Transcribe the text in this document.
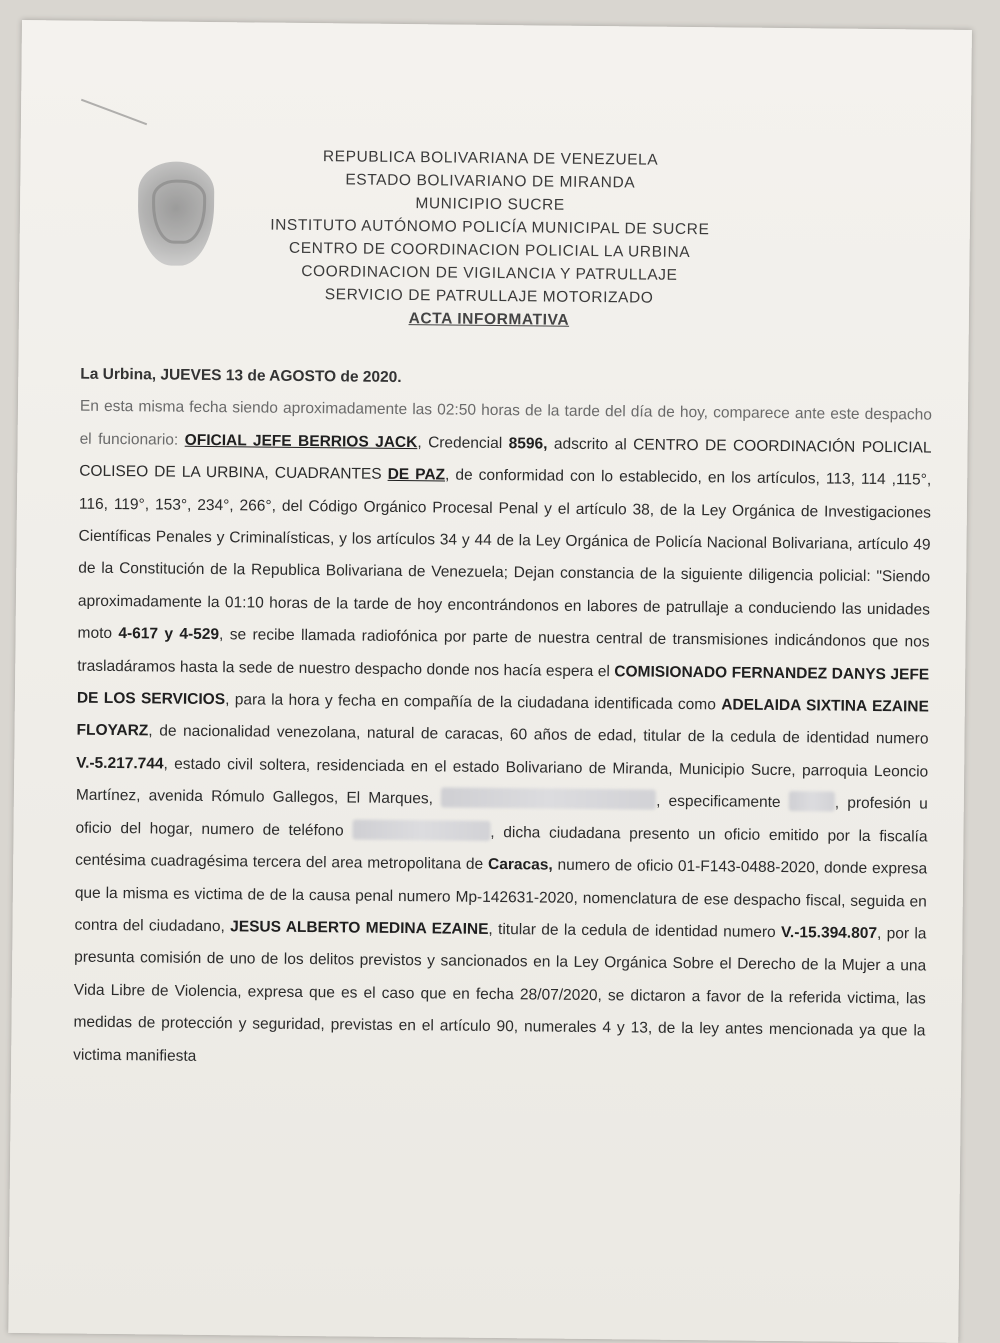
REPUBLICA BOLIVARIANA DE VENEZUELA
ESTADO BOLIVARIANO DE MIRANDA
MUNICIPIO SUCRE
INSTITUTO AUTÓNOMO POLICÍA MUNICIPAL DE SUCRE
CENTRO DE COORDINACION POLICIAL LA URBINA
COORDINACION DE VIGILANCIA Y PATRULLAJE
SERVICIO DE PATRULLAJE MOTORIZADO
ACTA INFORMATIVA
La Urbina, JUEVES 13 de AGOSTO de 2020.
En esta misma fecha siendo aproximadamente las 02:50 horas de la tarde del día de hoy, comparece ante este despacho el funcionario: OFICIAL JEFE BERRIOS JACK, Credencial 8596, adscrito al CENTRO DE COORDINACIÓN POLICIAL COLISEO DE LA URBINA, CUADRANTES DE PAZ, de conformidad con lo establecido, en los artículos, 113, 114 ,115°, 116, 119°, 153°, 234°, 266°, del Código Orgánico Procesal Penal y el artículo 38, de la Ley Orgánica de Investigaciones Científicas Penales y Criminalísticas, y los artículos 34 y 44 de la Ley Orgánica de Policía Nacional Bolivariana, artículo 49 de la Constitución de la Republica Bolivariana de Venezuela; Dejan constancia de la siguiente diligencia policial: "Siendo aproximadamente la 01:10 horas de la tarde de hoy encontrándonos en labores de patrullaje a conduciendo las unidades moto 4-617 y 4-529, se recibe llamada radiofónica por parte de nuestra central de transmisiones indicándonos que nos trasladáramos hasta la sede de nuestro despacho donde nos hacía espera el COMISIONADO FERNANDEZ DANYS JEFE DE LOS SERVICIOS, para la hora y fecha en compañía de la ciudadana identificada como ADELAIDA SIXTINA EZAINE FLOYARZ, de nacionalidad venezolana, natural de caracas, 60 años de edad, titular de la cedula de identidad numero V.-5.217.744, estado civil soltera, residenciada en el estado Bolivariano de Miranda, Municipio Sucre, parroquia Leoncio Martínez, avenida Rómulo Gallegos, El Marques,	, especificamente	, profesión u oficio del hogar, numero de teléfono	, dicha ciudadana presento un oficio emitido por la fiscalía centésima cuadragésima tercera del area metropolitana de Caracas, numero de oficio 01-F143-0488-2020, donde expresa que la misma es victima de de la causa penal numero Mp-142631-2020, nomenclatura de ese despacho fiscal, seguida en contra del ciudadano, JESUS ALBERTO MEDINA EZAINE, titular de la cedula de identidad numero V.-15.394.807, por la presunta comisión de uno de los delitos previstos y sancionados en la Ley Orgánica Sobre el Derecho de la Mujer a una Vida Libre de Violencia, expresa que es el caso que en fecha 28/07/2020, se dictaron a favor de la referida victima, las medidas de protección y seguridad, previstas en el artículo 90, numerales 4 y 13, de la ley antes mencionada ya que la victima manifiesta
